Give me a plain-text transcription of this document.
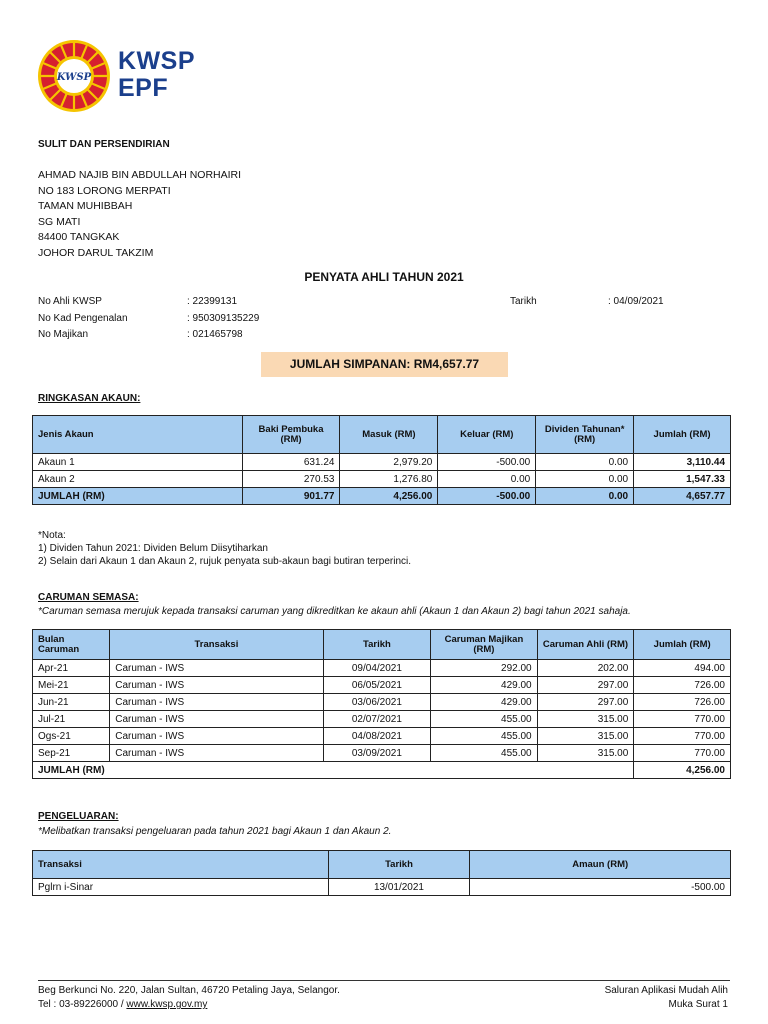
KWSP
KWSP
EPF
SULIT DAN PERSENDIRIAN
AHMAD NAJIB BIN ABDULLAH NORHAIRI
NO 183 LORONG MERPATI
TAMAN MUHIBBAH
SG MATI
84400 TANGKAK
JOHOR DARUL TAKZIM
PENYATA AHLI TAHUN 2021
No Ahli KWSP	: 22399131	Tarikh	: 04/09/2021
No Kad Pengenalan	: 950309135229
No Majikan	: 021465798
JUMLAH SIMPANAN: RM4,657.77
RINGKASAN AKAUN:
Jenis Akaun	Baki Pembuka (RM)	Masuk (RM)	Keluar (RM)	Dividen Tahunan* (RM)	Jumlah (RM)
Akaun 1	631.24	2,979.20	-500.00	0.00	3,110.44
Akaun 2	270.53	1,276.80	0.00	0.00	1,547.33
JUMLAH (RM)	901.77	4,256.00	-500.00	0.00	4,657.77
*Nota:
1) Dividen Tahun 2021: Dividen Belum Diisytiharkan
2) Selain dari Akaun 1 dan Akaun 2, rujuk penyata sub-akaun bagi butiran terperinci.
CARUMAN SEMASA:
*Caruman semasa merujuk kepada transaksi caruman yang dikreditkan ke akaun ahli (Akaun 1 dan Akaun 2) bagi tahun 2021 sahaja.
Bulan Caruman	Transaksi	Tarikh	Caruman Majikan (RM)	Caruman Ahli (RM)	Jumlah (RM)
Apr-21	Caruman - IWS	09/04/2021	292.00	202.00	494.00
Mei-21	Caruman - IWS	06/05/2021	429.00	297.00	726.00
Jun-21	Caruman - IWS	03/06/2021	429.00	297.00	726.00
Jul-21	Caruman - IWS	02/07/2021	455.00	315.00	770.00
Ogs-21	Caruman - IWS	04/08/2021	455.00	315.00	770.00
Sep-21	Caruman - IWS	03/09/2021	455.00	315.00	770.00
JUMLAH (RM)					4,256.00
PENGELUARAN:
*Melibatkan transaksi pengeluaran pada tahun 2021 bagi Akaun 1 dan Akaun 2.
Transaksi	Tarikh	Amaun (RM)
Pglrn i-Sinar	13/01/2021	-500.00
Beg Berkunci No. 220, Jalan Sultan, 46720 Petaling Jaya, Selangor.
Tel : 03-89226000 / www.kwsp.gov.my
Saluran Aplikasi Mudah Alih
Muka Surat 1
